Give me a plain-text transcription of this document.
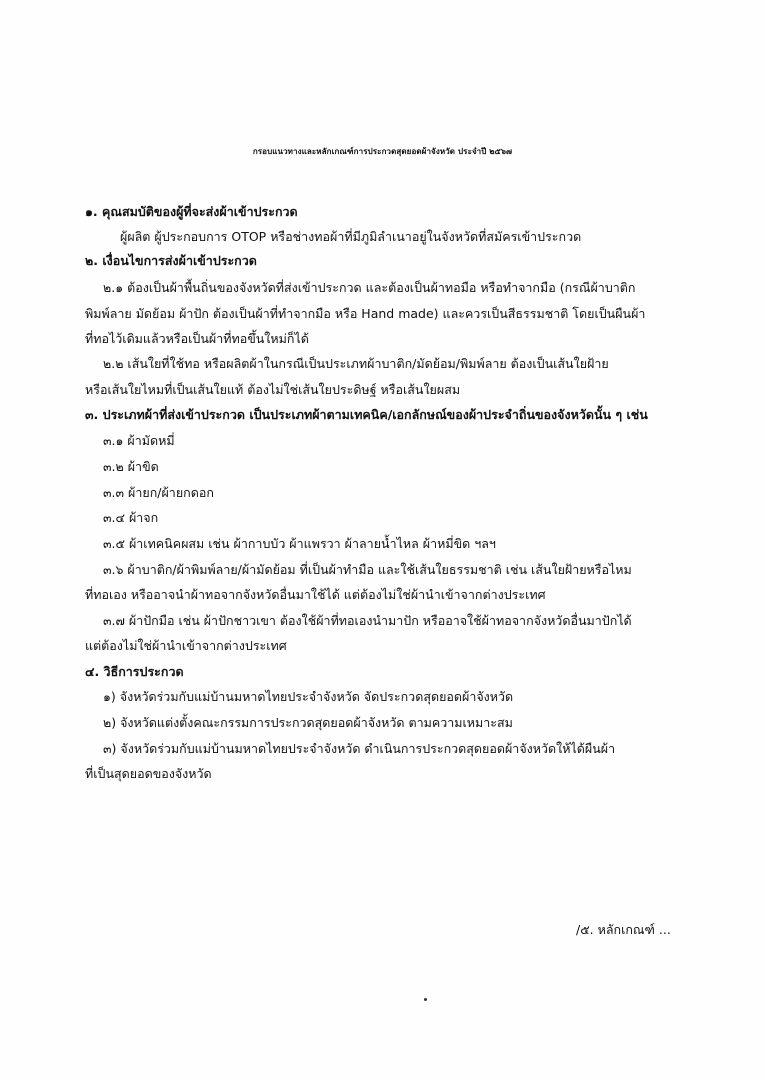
กรอบแนวทางและหลักเกณฑ์การประกวดสุดยอดผ้าจังหวัด ประจำปี ๒๕๖๗
๑. คุณสมบัติของผู้ที่จะส่งผ้าเข้าประกวด
ผู้ผลิต ผู้ประกอบการ OTOP หรือช่างทอผ้าที่มีภูมิลำเนาอยู่ในจังหวัดที่สมัครเข้าประกวด
๒. เงื่อนไขการส่งผ้าเข้าประกวด
๒.๑ ต้องเป็นผ้าพื้นถิ่นของจังหวัดที่ส่งเข้าประกวด และต้องเป็นผ้าทอมือ หรือทำจากมือ (กรณีผ้าบาติก
พิมพ์ลาย มัดย้อม ผ้าปัก ต้องเป็นผ้าที่ทำจากมือ หรือ Hand made) และควรเป็นสีธรรมชาติ โดยเป็นผืนผ้า
ที่ทอไว้เดิมแล้วหรือเป็นผ้าที่ทอขึ้นใหม่ก็ได้
๒.๒ เส้นใยที่ใช้ทอ หรือผลิตผ้าในกรณีเป็นประเภทผ้าบาติก/มัดย้อม/พิมพ์ลาย ต้องเป็นเส้นใยฝ้าย
หรือเส้นใยไหมที่เป็นเส้นใยแท้ ต้องไม่ใช่เส้นใยประดิษฐ์ หรือเส้นใยผสม
๓. ประเภทผ้าที่ส่งเข้าประกวด เป็นประเภทผ้าตามเทคนิค/เอกลักษณ์ของผ้าประจำถิ่นของจังหวัดนั้น ๆ เช่น
๓.๑ ผ้ามัดหมี่
๓.๒ ผ้าขิด
๓.๓ ผ้ายก/ผ้ายกดอก
๓.๔ ผ้าจก
๓.๕ ผ้าเทคนิคผสม เช่น ผ้ากาบบัว ผ้าแพรวา ผ้าลายน้ำไหล ผ้าหมี่ขิด ฯลฯ
๓.๖ ผ้าบาติก/ผ้าพิมพ์ลาย/ผ้ามัดย้อม ที่เป็นผ้าทำมือ และใช้เส้นใยธรรมชาติ เช่น เส้นใยฝ้ายหรือไหม
ที่ทอเอง หรืออาจนำผ้าทอจากจังหวัดอื่นมาใช้ได้ แต่ต้องไม่ใช่ผ้านำเข้าจากต่างประเทศ
๓.๗ ผ้าปักมือ เช่น ผ้าปักชาวเขา ต้องใช้ผ้าที่ทอเองนำมาปัก หรืออาจใช้ผ้าทอจากจังหวัดอื่นมาปักได้
แต่ต้องไม่ใช่ผ้านำเข้าจากต่างประเทศ
๔. วิธีการประกวด
๑) จังหวัดร่วมกับแม่บ้านมหาดไทยประจำจังหวัด จัดประกวดสุดยอดผ้าจังหวัด
๒) จังหวัดแต่งตั้งคณะกรรมการประกวดสุดยอดผ้าจังหวัด ตามความเหมาะสม
๓) จังหวัดร่วมกับแม่บ้านมหาดไทยประจำจังหวัด ดำเนินการประกวดสุดยอดผ้าจังหวัดให้ได้ผืนผ้า
ที่เป็นสุดยอดของจังหวัด
/๕. หลักเกณฑ์ ...
